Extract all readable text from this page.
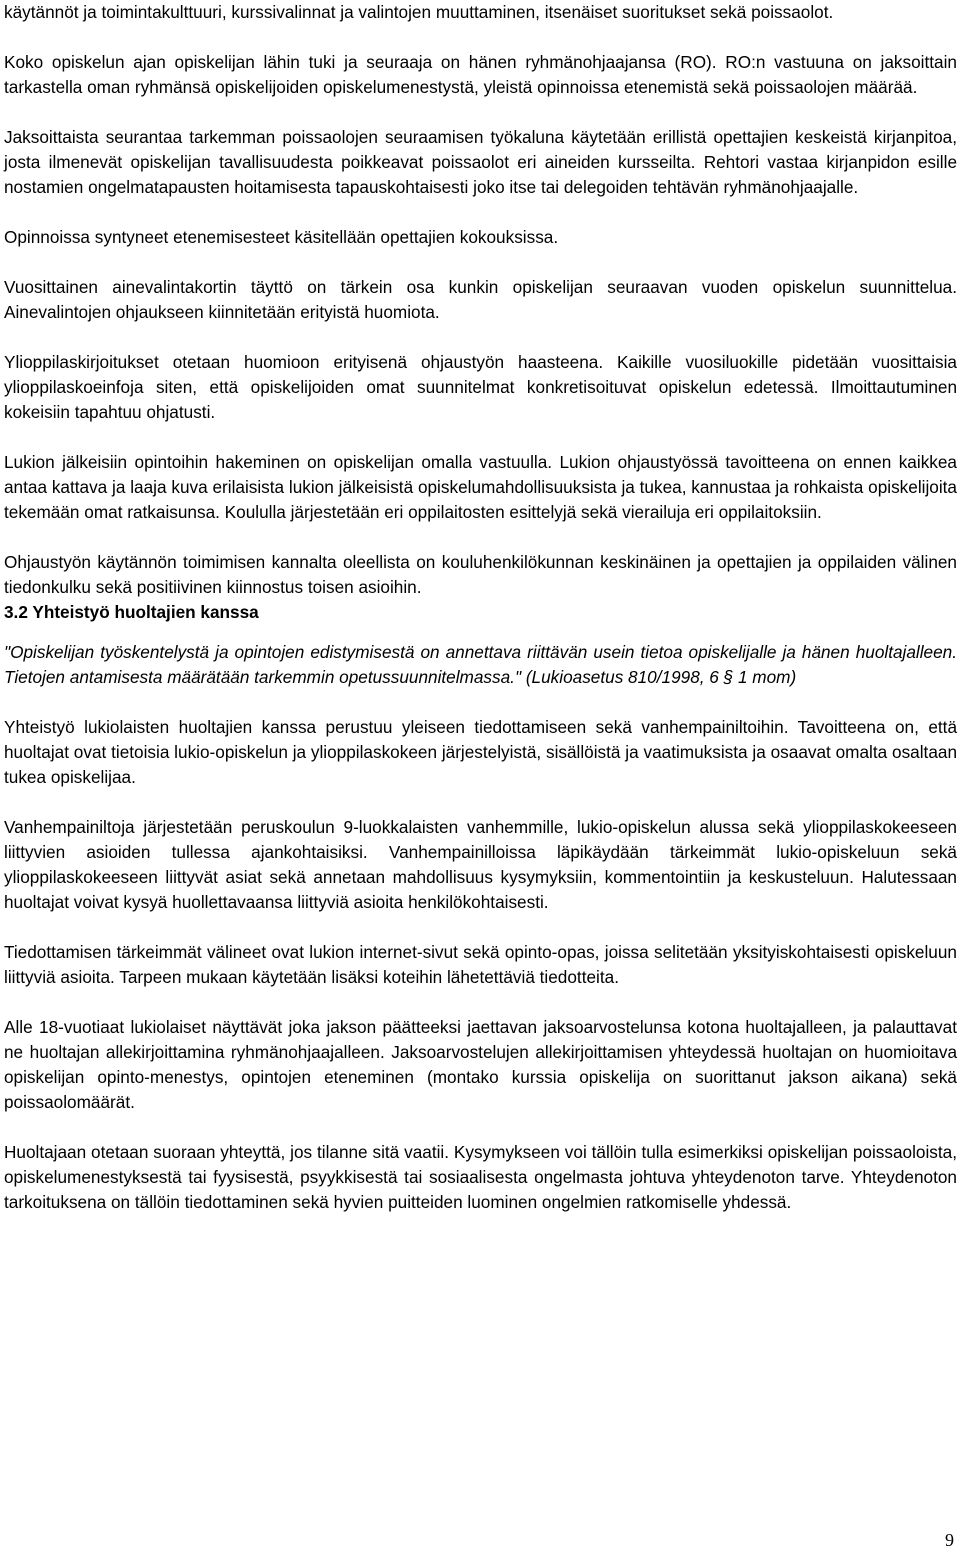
käytännöt ja toimintakulttuuri, kurssivalinnat ja valintojen muuttaminen, itsenäiset suoritukset sekä poissaolot.

Koko opiskelun ajan opiskelijan lähin tuki ja seuraaja on hänen ryhmänohjaajansa (RO). RO:n vastuuna on jaksoittain tarkastella oman ryhmänsä opiskelijoiden opiskelumenestystä, yleistä opinnoissa etenemistä sekä poissaolojen määrää.

Jaksoittaista seurantaa tarkemman poissaolojen seuraamisen työkaluna käytetään erillistä opettajien keskeistä kirjanpitoa, josta ilmenevät opiskelijan tavallisuudesta poikkeavat poissaolot eri aineiden kursseilta. Rehtori vastaa kirjanpidon esille nostamien ongelmatapausten hoitamisesta tapauskohtaisesti joko itse tai delegoiden tehtävän ryhmänohjaajalle.

Opinnoissa syntyneet etenemisesteet käsitellään opettajien kokouksissa.

Vuosittainen ainevalintakortin täyttö on tärkein osa kunkin opiskelijan seuraavan vuoden opiskelun suunnittelua. Ainevalintojen ohjaukseen kiinnitetään erityistä huomiota.

Ylioppilaskirjoitukset otetaan huomioon erityisenä ohjaustyön haasteena. Kaikille vuosiluokille pidetään vuosittaisia ylioppilaskoeinfoja siten, että opiskelijoiden omat suunnitelmat konkretisoituvat opiskelun edetessä. Ilmoittautuminen kokeisiin tapahtuu ohjatusti.

Lukion jälkeisiin opintoihin hakeminen on opiskelijan omalla vastuulla. Lukion ohjaustyössä tavoitteena on ennen kaikkea antaa kattava ja laaja kuva erilaisista lukion jälkeisistä opiskelumahdollisuuksista ja tukea, kannustaa ja rohkaista opiskelijoita tekemään omat ratkaisunsa. Koululla järjestetään eri oppilaitosten esittelyjä sekä vierailuja eri oppilaitoksiin.

Ohjaustyön käytännön toimimisen kannalta oleellista on kouluhenkilökunnan keskinäinen ja opettajien ja oppilaiden välinen tiedonkulku sekä positiivinen kiinnostus toisen asioihin.

3.2 Yhteistyö huoltajien kanssa

"Opiskelijan työskentelystä ja opintojen edistymisestä on annettava riittävän usein tietoa opiskelijalle ja hänen huoltajalleen. Tietojen antamisesta määrätään tarkemmin opetussuunnitelmassa." (Lukioasetus 810/1998, 6 § 1 mom)

Yhteistyö lukiolaisten huoltajien kanssa perustuu yleiseen tiedottamiseen sekä vanhempainiltoihin. Tavoitteena on, että huoltajat ovat tietoisia lukio-opiskelun ja ylioppilaskokeen järjestelyistä, sisällöistä ja vaatimuksista ja osaavat omalta osaltaan tukea opiskelijaa.

Vanhempainiltoja järjestetään peruskoulun 9-luokkalaisten vanhemmille, lukio-opiskelun alussa sekä ylioppilaskokeeseen liittyvien asioiden tullessa ajankohtaisiksi. Vanhempainilloissa läpikäydään tärkeimmät lukio-opiskeluun sekä ylioppilaskokeeseen liittyvät asiat sekä annetaan mahdollisuus kysymyksiin, kommentointiin ja keskusteluun. Halutessaan huoltajat voivat kysyä huollettavaansa liittyviä asioita henkilökohtaisesti.

Tiedottamisen tärkeimmät välineet ovat lukion internet-sivut sekä opinto-opas, joissa selitetään yksityiskohtaisesti opiskeluun liittyviä asioita. Tarpeen mukaan käytetään lisäksi koteihin lähetettäviä tiedotteita.

Alle 18-vuotiaat lukiolaiset näyttävät joka jakson päätteeksi jaettavan jaksoarvostelunsa kotona huoltajalleen, ja palauttavat ne huoltajan allekirjoittamina ryhmänohjaajalleen. Jaksoarvostelujen allekirjoittamisen yhteydessä huoltajan on huomioitava opiskelijan opinto-menestys, opintojen eteneminen (montako kurssia opiskelija on suorittanut jakson aikana) sekä poissaolomäärät.

Huoltajaan otetaan suoraan yhteyttä, jos tilanne sitä vaatii. Kysymykseen voi tällöin tulla esimerkiksi opiskelijan poissaoloista, opiskelumenestyksestä tai fyysisestä, psyykkisestä tai sosiaalisesta ongelmasta johtuva yhteydenoton tarve. Yhteydenoton tarkoituksena on tällöin tiedottaminen sekä hyvien puitteiden luominen ongelmien ratkomiselle yhdessä.

9
